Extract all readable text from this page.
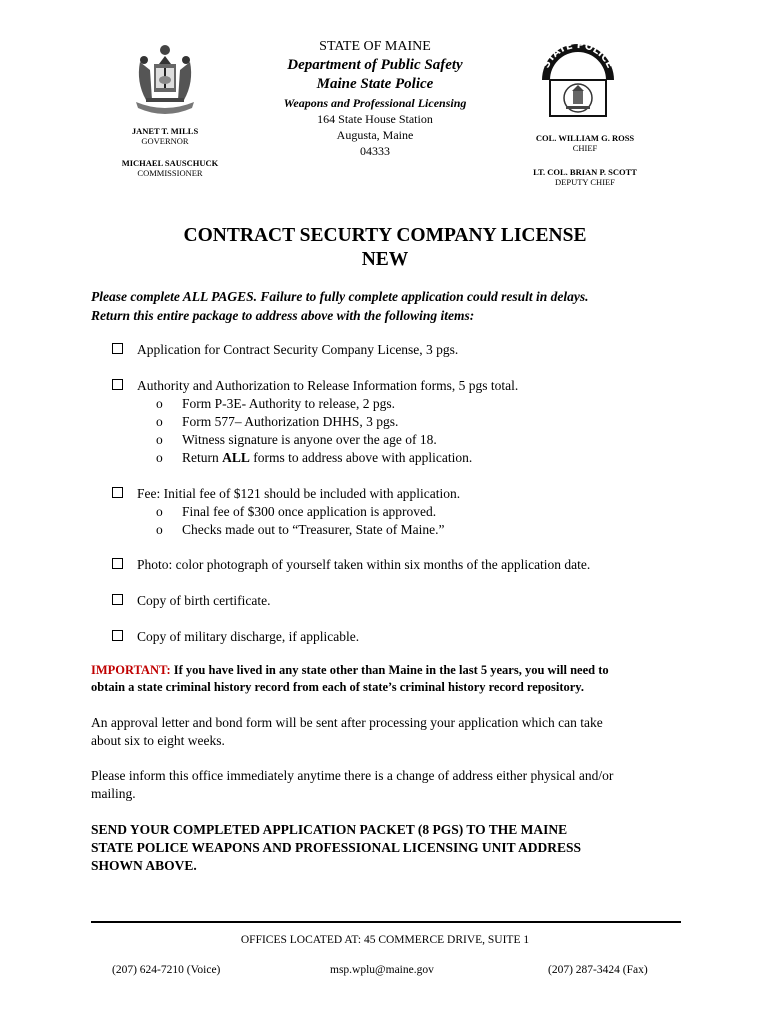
JANET T. MILLS
GOVERNOR
MICHAEL SAUSCHUCK
COMMISSIONER
STATE OF MAINE
Department of Public Safety
Maine State Police
Weapons and Professional Licensing
164 State House Station
Augusta, Maine
04333
STATE POLICE
COL. WILLIAM G. ROSS
CHIEF
LT. COL. BRIAN P. SCOTT
DEPUTY CHIEF
CONTRACT SECURTY COMPANY LICENSE
NEW
Please complete ALL PAGES. Failure to fully complete application could result in delays.
Return this entire package to address above with the following items:
Application for Contract Security Company License, 3 pgs.
Authority and Authorization to Release Information forms, 5 pgs total.
o Form P-3E- Authority to release, 2 pgs.
o Form 577– Authorization DHHS, 3 pgs.
o Witness signature is anyone over the age of 18.
o Return ALL forms to address above with application.
Fee: Initial fee of $121 should be included with application.
o Final fee of $300 once application is approved.
o Checks made out to “Treasurer, State of Maine.”
Photo: color photograph of yourself taken within six months of the application date.
Copy of birth certificate.
Copy of military discharge, if applicable.
IMPORTANT: If you have lived in any state other than Maine in the last 5 years, you will need to
obtain a state criminal history record from each of state’s criminal history record repository.
An approval letter and bond form will be sent after processing your application which can take
about six to eight weeks.
Please inform this office immediately anytime there is a change of address either physical and/or
mailing.
SEND YOUR COMPLETED APPLICATION PACKET (8 PGS) TO THE MAINE
STATE POLICE WEAPONS AND PROFESSIONAL LICENSING UNIT ADDRESS
SHOWN ABOVE.
OFFICES LOCATED AT: 45 COMMERCE DRIVE, SUITE 1
(207) 624-7210 (Voice)	msp.wplu@maine.gov	(207) 287-3424 (Fax)
